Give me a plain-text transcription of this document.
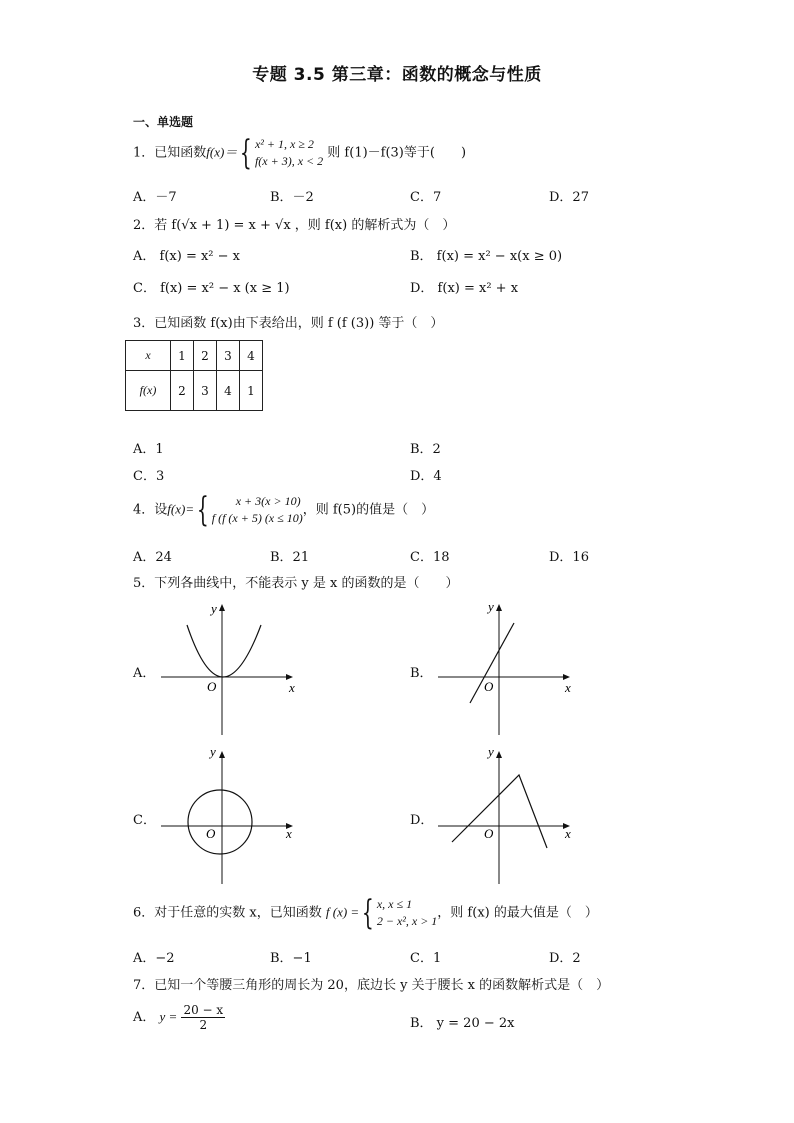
专题 3.5 第三章：函数的概念与性质
一、单选题
1．已知函数f(x)＝ { x² + 1, x ≥ 2
f(x + 3), x < 2
则 f(1)－f(3)等于(　　)
A．－7	B．－2	C．7	D．27
2．若 f(√x + 1) = x + √x ，则 f(x) 的解析式为（　）
A． f(x) = x² − x	B． f(x) = x² − x(x ≥ 0)
C． f(x) = x² − x (x ≥ 1)	D． f(x) = x² + x
3．已知函数 f(x)由下表给出，则 f (f (3)) 等于（　）
x	1	2	3	4
f(x)	2	3	4	1
A．1	B．2
C．3	D．4
4．设f(x)= {	x + 3(x > 10)
f (f (x + 5) (x ≤ 10)
，则 f(5)的值是（　）
A．24	B．21	C．18	D．16
5．下列各曲线中，不能表示 y 是 x 的函数的是（　　）
A．	B．
C．	D．
y
x
O
y
x
O
y
x
O
y
x
O
6．对于任意的实数 x，已知函数 f (x) = { x, x ≤ 1
2 − x², x > 1
，则 f(x) 的最大值是（　）
A．−2	B．−1	C．1	D．2
7．已知一个等腰三角形的周长为 20，底边长 y 关于腰长 x 的函数解析式是（　）
A． $y = \frac{20 - x}{2}$	B． y = 20 − 2x
